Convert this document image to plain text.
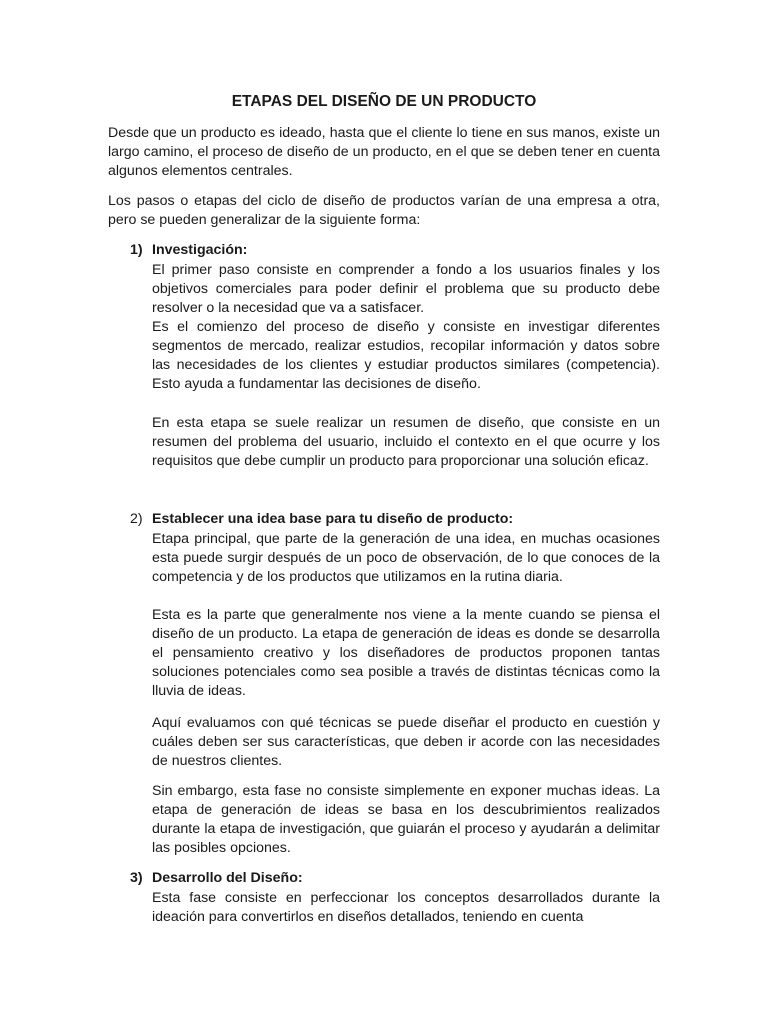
ETAPAS DEL DISEÑO DE UN PRODUCTO

Desde que un producto es ideado, hasta que el cliente lo tiene en sus manos, existe un largo camino, el proceso de diseño de un producto, en el que se deben tener en cuenta algunos elementos centrales.

Los pasos o etapas del ciclo de diseño de productos varían de una empresa a otra, pero se pueden generalizar de la siguiente forma:

1) Investigación:

El primer paso consiste en comprender a fondo a los usuarios finales y los objetivos comerciales para poder definir el problema que su producto debe resolver o la necesidad que va a satisfacer.

Es el comienzo del proceso de diseño y consiste en investigar diferentes segmentos de mercado, realizar estudios, recopilar información y datos sobre las necesidades de los clientes y estudiar productos similares (competencia). Esto ayuda a fundamentar las decisiones de diseño.

En esta etapa se suele realizar un resumen de diseño, que consiste en un resumen del problema del usuario, incluido el contexto en el que ocurre y los requisitos que debe cumplir un producto para proporcionar una solución eficaz.

2) Establecer una idea base para tu diseño de producto:

Etapa principal, que parte de la generación de una idea, en muchas ocasiones esta puede surgir después de un poco de observación, de lo que conoces de la competencia y de los productos que utilizamos en la rutina diaria.

Esta es la parte que generalmente nos viene a la mente cuando se piensa el diseño de un producto. La etapa de generación de ideas es donde se desarrolla el pensamiento creativo y los diseñadores de productos proponen tantas soluciones potenciales como sea posible a través de distintas técnicas como la lluvia de ideas.

Aquí evaluamos con qué técnicas se puede diseñar el producto en cuestión y cuáles deben ser sus características, que deben ir acorde con las necesidades de nuestros clientes.

Sin embargo, esta fase no consiste simplemente en exponer muchas ideas. La etapa de generación de ideas se basa en los descubrimientos realizados durante la etapa de investigación, que guiarán el proceso y ayudarán a delimitar las posibles opciones.

3) Desarrollo del Diseño:

Esta fase consiste en perfeccionar los conceptos desarrollados durante la ideación para convertirlos en diseños detallados, teniendo en cuenta
